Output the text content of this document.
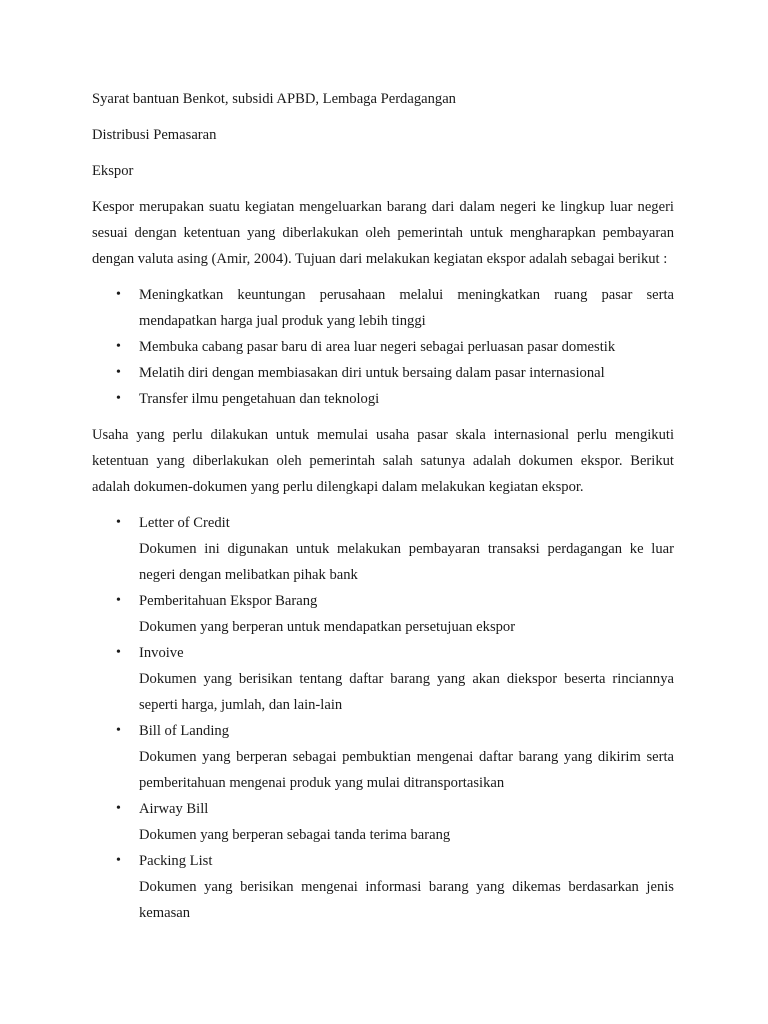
Syarat bantuan Benkot, subsidi APBD, Lembaga Perdagangan

Distribusi Pemasaran

Ekspor

Kespor merupakan suatu kegiatan mengeluarkan barang dari dalam negeri ke lingkup luar negeri sesuai dengan ketentuan yang diberlakukan oleh pemerintah untuk mengharapkan pembayaran dengan valuta asing (Amir, 2004). Tujuan dari melakukan kegiatan ekspor adalah sebagai berikut :

• Meningkatkan keuntungan perusahaan melalui meningkatkan ruang pasar serta mendapatkan harga jual produk yang lebih tinggi
• Membuka cabang pasar baru di area luar negeri sebagai perluasan pasar domestik
• Melatih diri dengan membiasakan diri untuk bersaing dalam pasar internasional
• Transfer ilmu pengetahuan dan teknologi

Usaha yang perlu dilakukan untuk memulai usaha pasar skala internasional perlu mengikuti ketentuan yang diberlakukan oleh pemerintah salah satunya adalah dokumen ekspor. Berikut adalah dokumen-dokumen yang perlu dilengkapi dalam melakukan kegiatan ekspor.

• Letter of Credit
Dokumen ini digunakan untuk melakukan pembayaran transaksi perdagangan ke luar negeri dengan melibatkan pihak bank
• Pemberitahuan Ekspor Barang
Dokumen yang berperan untuk mendapatkan persetujuan ekspor
• Invoive
Dokumen yang berisikan tentang daftar barang yang akan diekspor beserta rinciannya seperti harga, jumlah, dan lain-lain
• Bill of Landing
Dokumen yang berperan sebagai pembuktian mengenai daftar barang yang dikirim serta pemberitahuan mengenai produk yang mulai ditransportasikan
• Airway Bill
Dokumen yang berperan sebagai tanda terima barang
• Packing List
Dokumen yang berisikan mengenai informasi barang yang dikemas berdasarkan jenis kemasan
